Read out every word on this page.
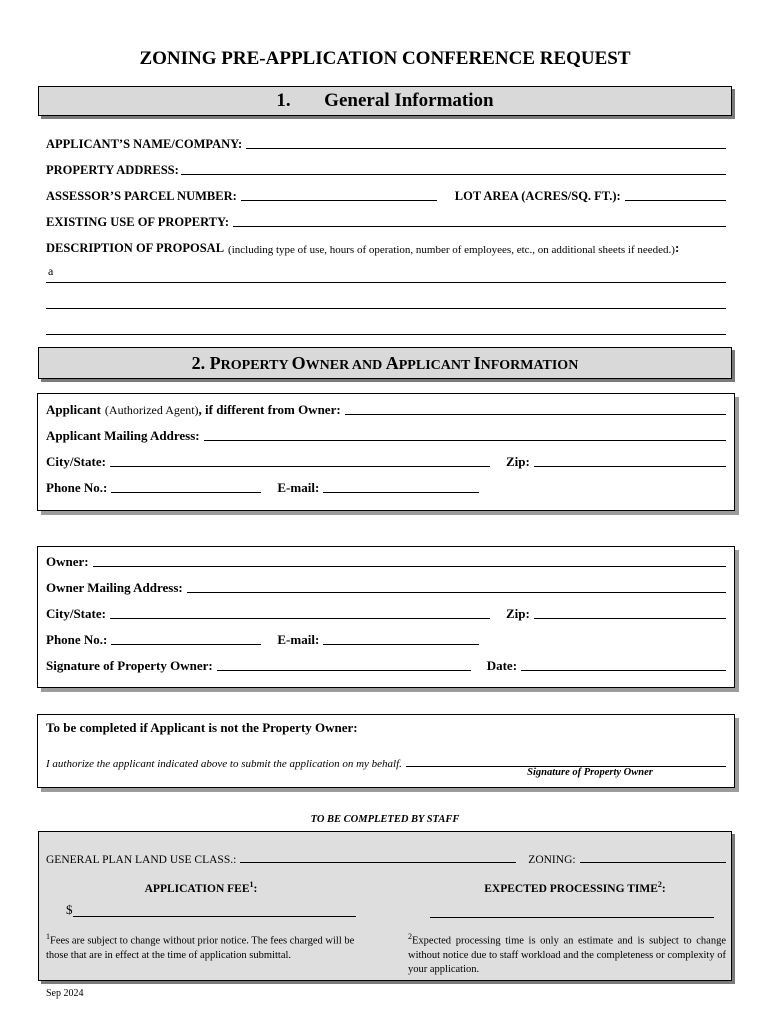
ZONING PRE-APPLICATION CONFERENCE REQUEST
1. General Information
APPLICANT’S NAME/COMPANY:
PROPERTY ADDRESS:
ASSESSOR’S PARCEL NUMBER:	LOT AREA (ACRES/SQ. FT.):
EXISTING USE OF PROPERTY:
DESCRIPTION OF PROPOSAL (including type of use, hours of operation, number of employees, etc., on additional sheets if needed.) :
a
2. PROPERTY OWNER AND APPLICANT INFORMATION
Applicant (Authorized Agent) , if different from Owner:
Applicant Mailing Address:
City/State:	Zip:
Phone No.:	E-mail:
Owner:
Owner Mailing Address:
City/State:	Zip:
Phone No.:	E-mail:
Signature of Property Owner:	Date:
To be completed if Applicant is not the Property Owner:
I authorize the applicant indicated above to submit the application on my behalf.
Signature of Property Owner
TO BE COMPLETED BY STAFF
GENERAL PLAN LAND USE CLASS.:	ZONING:
APPLICATION FEE$^1$:	EXPECTED PROCESSING TIME$^2$:
$
$^1$Fees are subject to change without prior notice. The fees charged will be those that are in effect at the time of application submittal.
$^2$Expected processing time is only an estimate and is subject to change without notice due to staff workload and the completeness or complexity of your application.
Sep 2024
